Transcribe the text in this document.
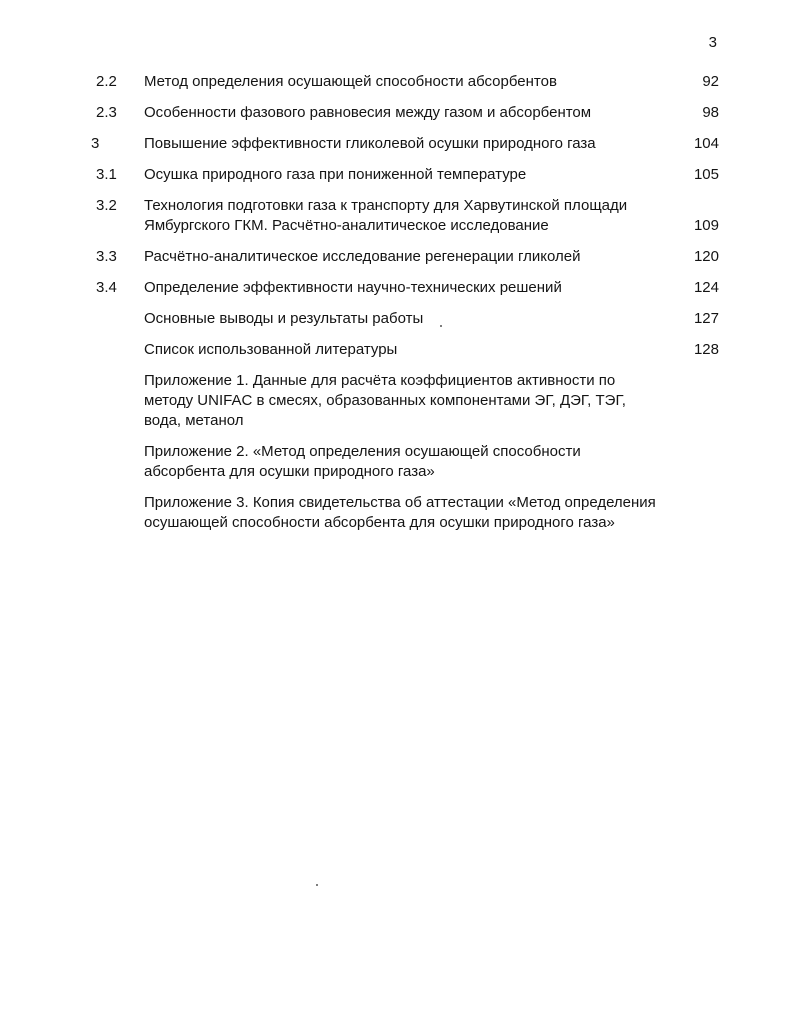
3
2.2	Метод определения осушающей способности абсорбентов	92
2.3	Особенности фазового равновесия между газом и абсорбентом	98
3	Повышение эффективности гликолевой осушки природного газа	104
3.1	Осушка природного газа при пониженной температуре	105
3.2	Технология подготовки газа к транспорту для Харвутинской площади
Ямбургского ГКМ. Расчётно-аналитическое исследование	109
3.3	Расчётно-аналитическое исследование регенерации гликолей	120
3.4	Определение эффективности научно-технических решений	124
Основные выводы и результаты работы	127
Список использованной литературы	128
Приложение 1. Данные для расчёта коэффициентов активности по
методу UNIFAC в смесях, образованных компонентами ЭГ, ДЭГ, ТЭГ,
вода, метанол
Приложение 2. «Метод определения осушающей способности
абсорбента для осушки природного газа»
Приложение 3. Копия свидетельства об аттестации «Метод определения
осушающей способности абсорбента для осушки природного газа»
